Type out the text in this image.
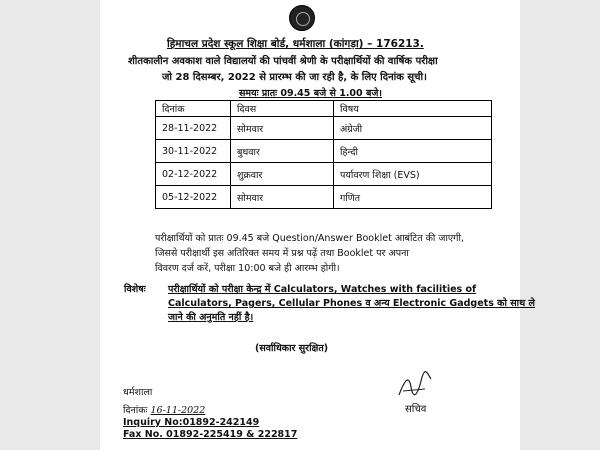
हिमाचल प्रदेश स्कूल शिक्षा बोर्ड, धर्मशाला (कांगड़ा) – 176213.
शीतकालीन अवकाश वाले विद्यालयों की पांचवीं श्रेणी के परीक्षार्थियों की वार्षिक परीक्षा
जो 28 दिसम्बर, 2022 से प्रारम्भ की जा रही है, के लिए दिनांक सूची।
समयः प्रातः 09.45 बजे से 1.00 बजे।
दिनांक	दिवस	विषय
28-11-2022	सोमवार	अंग्रेजी
30-11-2022	बुधवार	हिन्दी
02-12-2022	शुक्रवार	पर्यावरण शिक्षा (EVS)
05-12-2022	सोमवार	गणित
परीक्षार्थियों को प्रातः 09.45 बजे Question/Answer Booklet आबंटित की जाएगी,
जिससे परीक्षार्थी इस अतिरिक्त समय में प्रश्न पढ़ें तथा Booklet पर अपना
विवरण दर्ज करें, परीक्षा 10:00 बजे ही आरम्भ होगी।
विशेषः परीक्षार्थियों को परीक्षा केन्द्र में Calculators, Watches with facilities of
Calculators, Pagers, Cellular Phones व अन्य Electronic Gadgets को साथ ले
जाने की अनुमति नहीं है।
(सर्वाधिकार सुरक्षित)
धर्मशाला
दिनांकः 16-11-2022
Inquiry No:01892-242149
Fax No. 01892-225419 & 222817
सचिव
